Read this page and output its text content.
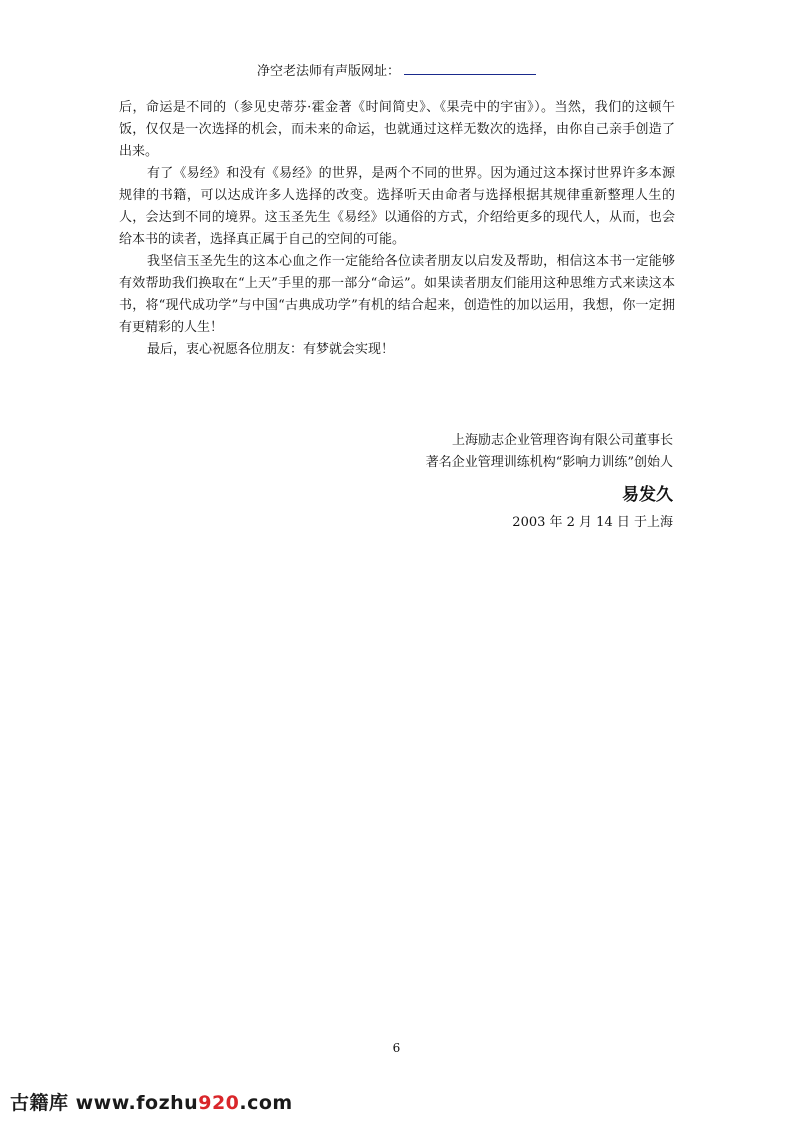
净空老法师有声版网址：

后，命运是不同的（参见史蒂芬·霍金著《时间简史》、《果壳中的宇宙》）。当然，我们的这顿午饭，仅仅是一次选择的机会，而未来的命运，也就通过这样无数次的选择，由你自己亲手创造了出来。

有了《易经》和没有《易经》的世界，是两个不同的世界。因为通过这本探讨世界许多本源规律的书籍，可以达成许多人选择的改变。选择听天由命者与选择根据其规律重新整理人生的人，会达到不同的境界。这玉圣先生《易经》以通俗的方式，介绍给更多的现代人，从而，也会给本书的读者，选择真正属于自己的空间的可能。

我坚信玉圣先生的这本心血之作一定能给各位读者朋友以启发及帮助，相信这本书一定能够有效帮助我们换取在“上天”手里的那一部分“命运”。如果读者朋友们能用这种思维方式来读这本书，将“现代成功学”与中国“古典成功学”有机的结合起来，创造性的加以运用，我想，你一定拥有更精彩的人生！

最后，衷心祝愿各位朋友：有梦就会实现！

上海励志企业管理咨询有限公司董事长
著名企业管理训练机构“影响力训练”创始人
易发久
2003 年 2 月 14 日 于上海
6
古籍库 www.fozhu920.com
